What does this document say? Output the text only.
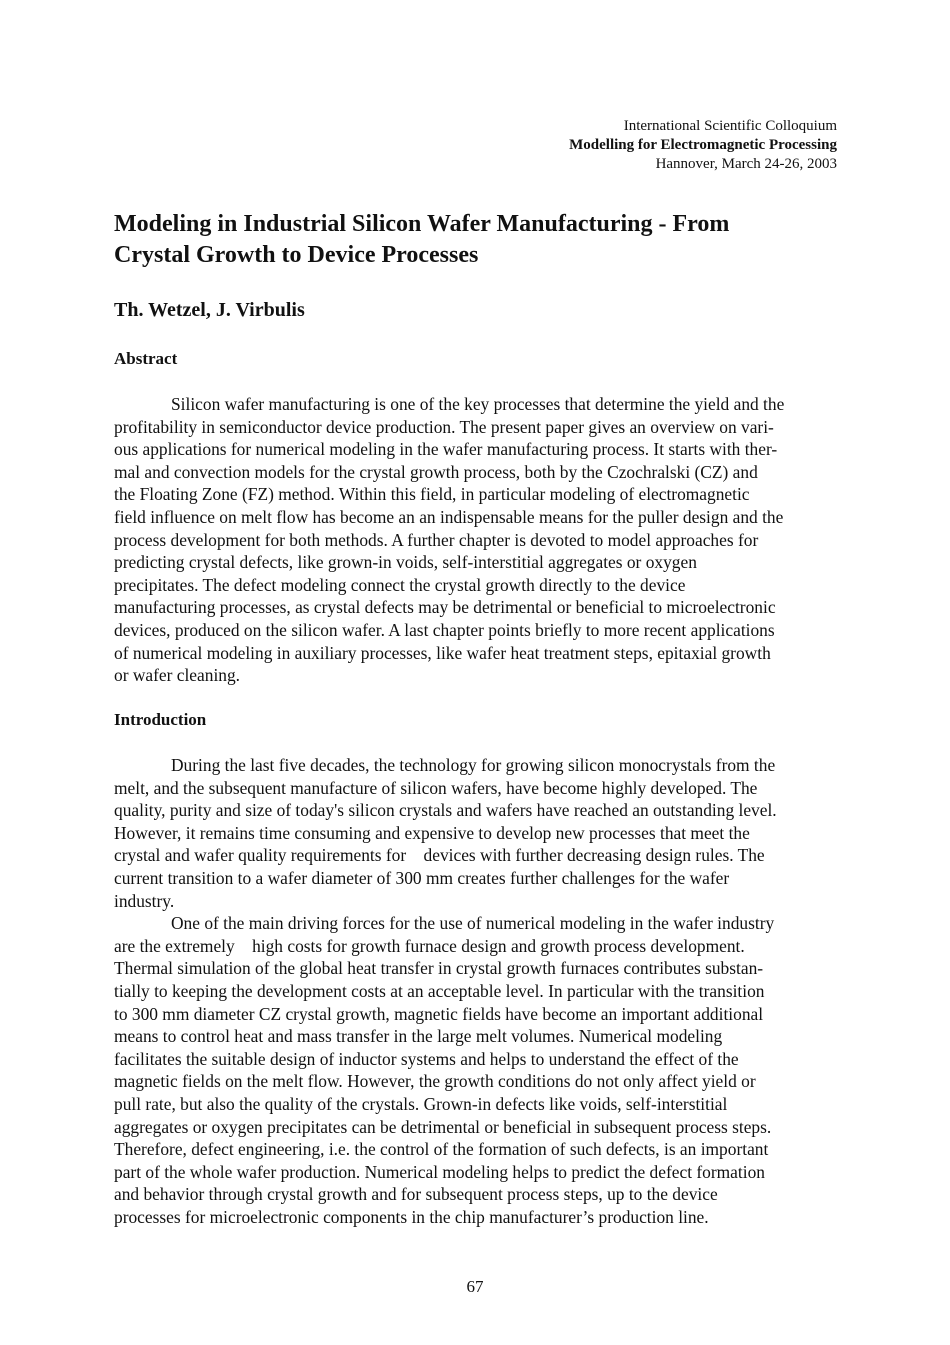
International Scientific Colloquium
Modelling for Electromagnetic Processing
Hannover, March 24-26, 2003
Modeling in Industrial Silicon Wafer Manufacturing - From
Crystal Growth to Device Processes
Th. Wetzel, J. Virbulis
Abstract
Silicon wafer manufacturing is one of the key processes that determine the yield and the
profitability in semiconductor device production. The present paper gives an overview on vari-
ous applications for numerical modeling in the wafer manufacturing process. It starts with ther-
mal and convection models for the crystal growth process, both by the Czochralski (CZ) and
the Floating Zone (FZ) method. Within this field, in particular modeling of electromagnetic
field influence on melt flow has become an an indispensable means for the puller design and the
process development for both methods. A further chapter is devoted to model approaches for
predicting crystal defects, like grown-in voids, self-interstitial aggregates or oxygen
precipitates. The defect modeling connect the crystal growth directly to the device
manufacturing processes, as crystal defects may be detrimental or beneficial to microelectronic
devices, produced on the silicon wafer. A last chapter points briefly to more recent applications
of numerical modeling in auxiliary processes, like wafer heat treatment steps, epitaxial growth
or wafer cleaning.
Introduction
During the last five decades, the technology for growing silicon monocrystals from the
melt, and the subsequent manufacture of silicon wafers, have become highly developed. The
quality, purity and size of today's silicon crystals and wafers have reached an outstanding level.
However, it remains time consuming and expensive to develop new processes that meet the
crystal and wafer quality requirements for    devices with further decreasing design rules. The
current transition to a wafer diameter of 300 mm creates further challenges for the wafer
industry.
One of the main driving forces for the use of numerical modeling in the wafer industry
are the extremely    high costs for growth furnace design and growth process development.
Thermal simulation of the global heat transfer in crystal growth furnaces contributes substan-
tially to keeping the development costs at an acceptable level. In particular with the transition
to 300 mm diameter CZ crystal growth, magnetic fields have become an important additional
means to control heat and mass transfer in the large melt volumes. Numerical modeling
facilitates the suitable design of inductor systems and helps to understand the effect of the
magnetic fields on the melt flow. However, the growth conditions do not only affect yield or
pull rate, but also the quality of the crystals. Grown-in defects like voids, self-interstitial
aggregates or oxygen precipitates can be detrimental or beneficial in subsequent process steps.
Therefore, defect engineering, i.e. the control of the formation of such defects, is an important
part of the whole wafer production. Numerical modeling helps to predict the defect formation
and behavior through crystal growth and for subsequent process steps, up to the device
processes for microelectronic components in the chip manufacturer’s production line.
67
